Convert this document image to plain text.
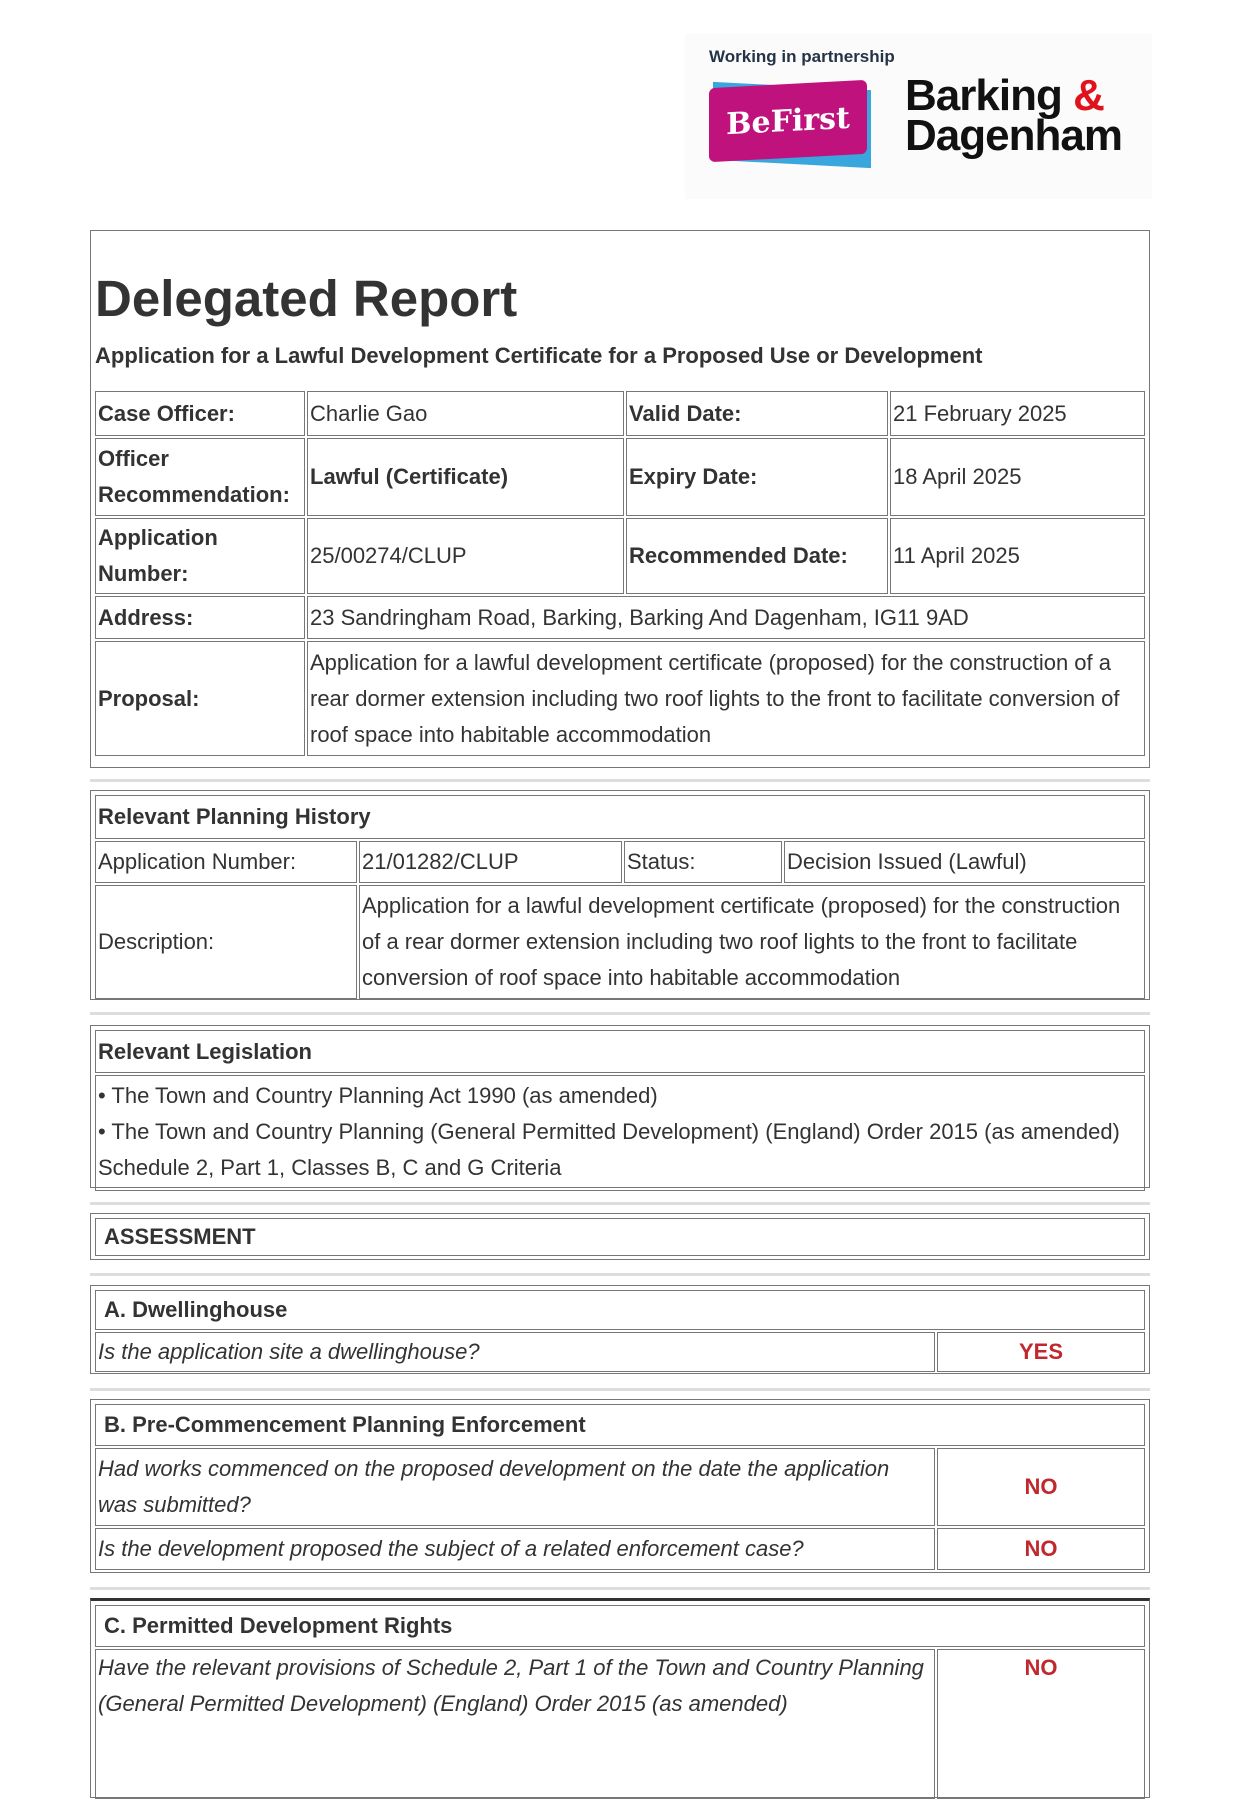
Working in partnership
BeFirst
Barking &
Dagenham
Delegated Report
Application for a Lawful Development Certificate for a Proposed Use or Development
Case Officer:	Charlie Gao	Valid Date:	21 February 2025
Officer Recommendation:	Lawful (Certificate)	Expiry Date:	18 April 2025
Application Number:	25/00274/CLUP	Recommended Date:	11 April 2025
Address:	23 Sandringham Road, Barking, Barking And Dagenham, IG11 9AD		
Proposal:	Application for a lawful development certificate (proposed) for the construction of a rear dormer extension including two roof lights to the front to facilitate conversion of roof space into habitable accommodation		
Relevant Planning History			
Application Number:	21/01282/CLUP	Status:	Decision Issued (Lawful)
Description:	Application for a lawful development certificate (proposed) for the construction of a rear dormer extension including two roof lights to the front to facilitate conversion of roof space into habitable accommodation		
Relevant Legislation

• The Town and Country Planning Act 1990 (as amended)
• The Town and Country Planning (General Permitted Development) (England) Order 2015 (as amended) Schedule 2, Part 1, Classes B, C and G Criteria
ASSESSMENT
A. Dwellinghouse
Is the application site a dwellinghouse?	YES
B. Pre-Commencement Planning Enforcement	
Had works commenced on the proposed development on the date the application was submitted?	NO
Is the development proposed the subject of a related enforcement case?	NO
C. Permitted Development Rights
Have the relevant provisions of Schedule 2, Part 1 of the Town and Country Planning (General Permitted Development) (England) Order 2015 (as amended)	NO
